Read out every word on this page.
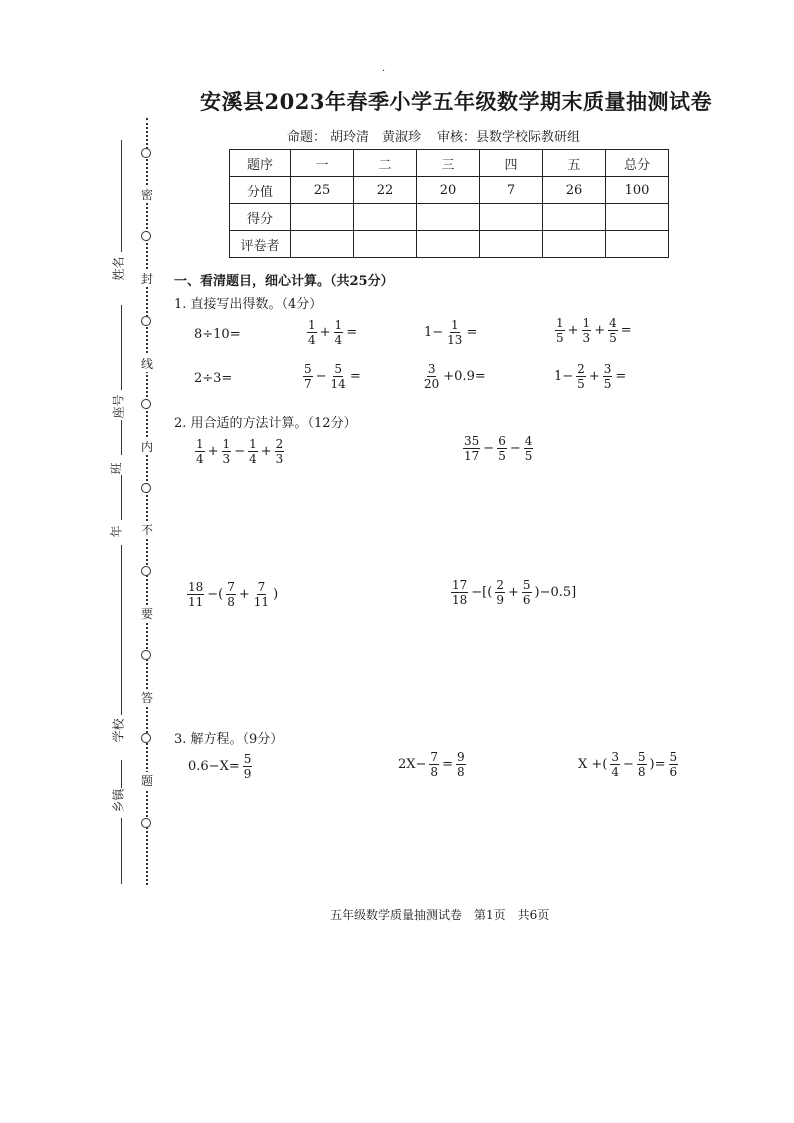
·
安溪县2023年春季小学五年级数学期末质量抽测试卷
命题： 胡玲清　黄淑珍 审核：县数学校际教研组
题序	一	二	三	四	五	总分
分值	25	22	20	7	26	100
得分						
评卷者						
密
封
线
内
不
要
答
题
姓名
座号
班
年
学校
乡镇
一、看清题目，细心计算。（共25分）
1. 直接写出得数。（4分）
8÷10=	$\frac{1}{4} + \frac{1}{4}$ =	$1- \frac{1}{13}$ =	$\frac{1}{5} + \frac{1}{3} + \frac{4}{5}$ =
2÷3=	$\frac{5}{7} - \frac{5}{14}$ =	$\frac{3}{20} +0.9=$	$1- \frac{2}{5} + \frac{3}{5}$ =
2. 用合适的方法计算。（12分）
$\frac{1}{4} + \frac{1}{3} - \frac{1}{4} + \frac{2}{3}$	$\frac{35}{17} - \frac{6}{5} - \frac{4}{5}$
$\frac{18}{11}$ −( $\frac{7}{8} + \frac{7}{11}$ )	$\frac{17}{18}$ −[( $\frac{2}{9} + \frac{5}{6} )-0.5$]
3. 解方程。（9分）
$0.6-X= \frac{5}{9}$	$2X- \frac{7}{8} = \frac{9}{8}$	X +( $\frac{3}{4} - \frac{5}{8}$ )= $\frac{5}{6}$
五年级数学质量抽测试卷　第1页　共6页
